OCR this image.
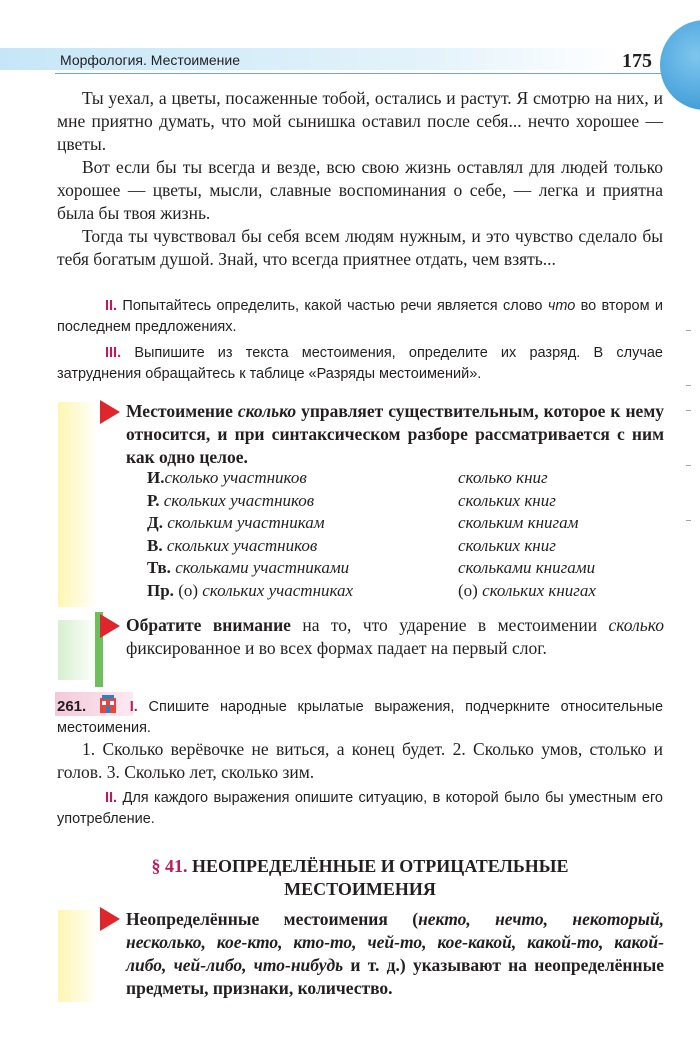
Морфология. Местоимение	175

Ты уехал, а цветы, посаженные тобой, остались и растут. Я смотрю на них, и мне приятно думать, что мой сынишка оставил после себя... нечто хорошее — цветы.

Вот если бы ты всегда и везде, всю свою жизнь оставлял для людей только хорошее — цветы, мысли, славные воспоминания о себе, — легка и приятна была бы твоя жизнь.

Тогда ты чувствовал бы себя всем людям нужным, и это чувство сделало бы тебя богатым душой. Знай, что всегда приятнее отдать, чем взять...

II. Попытайтесь определить, какой частью речи является слово что во втором и последнем предложениях.

III. Выпишите из текста местоимения, определите их разряд. В случае затруднения обращайтесь к таблице «Разряды местоимений».

Местоимение сколько управляет существительным, которое к нему относится, и при синтаксическом разборе рассматривается с ним как одно целое.

И.сколько участников	сколько книг
Р. скольких участников	скольких книг
Д. скольким участникам	скольким книгам
В. скольких участников	скольких книг
Тв. скольками участниками	скольками книгами
Пр. (о) скольких участниках	(о) скольких книгах

Обратите внимание на то, что ударение в местоимении сколько фиксированное и во всех формах падает на первый слог.

261.	I. Спишите народные крылатые выражения, подчеркните относительные местоимения.

1. Сколько верёвочке не виться, а конец будет. 2. Сколько умов, столько и голов. 3. Сколько лет, сколько зим.

II. Для каждого выражения опишите ситуацию, в которой было бы уместным его употребление.

§ 41. НЕОПРЕДЕЛЁННЫЕ И ОТРИЦАТЕЛЬНЫЕ
МЕСТОИМЕНИЯ

Неопределённые местоимения (некто, нечто, некоторый, несколько, кое-кто, кто-то, чей-то, кое-какой, какой-то, какой-либо, чей-либо, что-нибудь и т. д.) указывают на неопределённые предметы, признаки, количество.
